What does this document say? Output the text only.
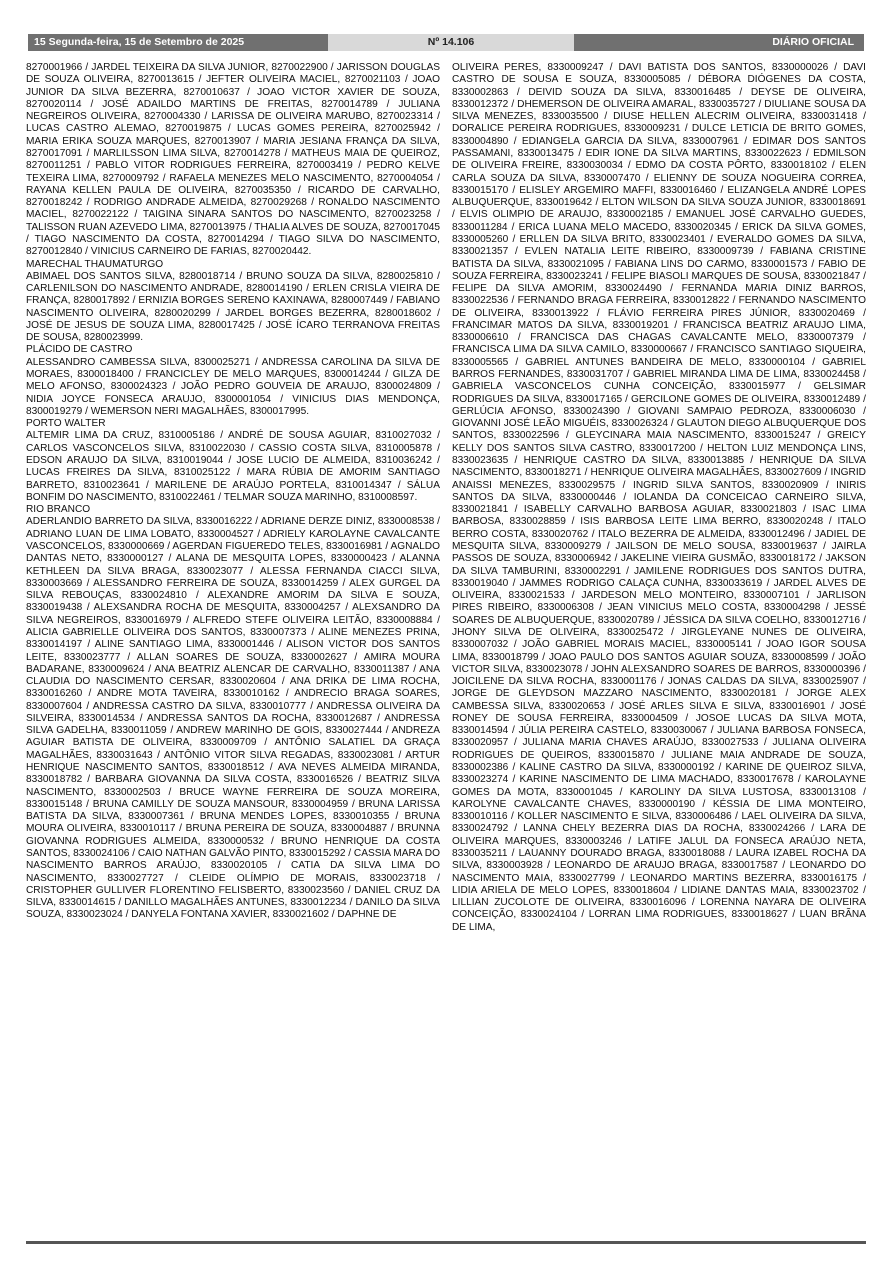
15 Segunda-feira, 15 de Setembro de 2025	Nº 14.106	DIÁRIO OFICIAL

8270001966 / JARDEL TEIXEIRA DA SILVA JÚNIOR, 8270022900 / JARISSON DOUGLAS DE SOUZA OLIVEIRA, 8270013615 / JEFTER OLIVEIRA MACIEL, 8270021103 / JOAO JUNIOR DA SILVA BEZERRA, 8270010637 / JOAO VICTOR XAVIER DE SOUZA, 8270020114 / JOSÉ ADAILDO MARTINS DE FREITAS, 8270014789 / JULIANA NEGREIROS OLIVEIRA, 8270004330 / LARISSA DE OLIVEIRA MARUBO, 8270023314 / LUCAS CASTRO ALEMAO, 8270019875 / LUCAS GOMES PEREIRA, 8270025942 / MARIA ERIKA SOUZA MARQUES, 8270013907 / MARIA JESIANA FRANÇA DA SILVA, 8270017091 / MARLILSSON LIMA SILVA, 8270014278 / MATHEUS MAIA DE QUEIROZ, 8270011251 / PABLO VITOR RODRIGUES FERREIRA, 8270003419 / PEDRO KELVE TEXEIRA LIMA, 8270009792 / RAFAELA MENEZES MELO NASCIMENTO, 8270004054 / RAYANA KELLEN PAULA DE OLIVEIRA, 8270035350 / RICARDO DE CARVALHO, 8270018242 / RODRIGO ANDRADE ALMEIDA, 8270029268 / RONALDO NASCIMENTO MACIEL, 8270022122 / TAIGINA SINARA SANTOS DO NASCIMENTO, 8270023258 / TALISSON RUAN AZEVEDO LIMA, 8270013975 / THALIA ALVES DE SOUZA, 8270017045 / TIAGO NASCIMENTO DA COSTA, 8270014294 / TIAGO SILVA DO NASCIMENTO, 8270012840 / VINICIUS CARNEIRO DE FARIAS, 8270020442.

MARECHAL THAUMATURGO

ABIMAEL DOS SANTOS SILVA, 8280018714 / BRUNO SOUZA DA SILVA, 8280025810 / CARLENILSON DO NASCIMENTO ANDRADE, 8280014190 / ERLEN CRISLA VIEIRA DE FRANÇA, 8280017892 / ERNIZIA BORGES SERENO KAXINAWA, 8280007449 / FABIANO NASCIMENTO OLIVEIRA, 8280020299 / JARDEL BORGES BEZERRA, 8280018602 / JOSÉ DE JESUS DE SOUZA LIMA, 8280017425 / JOSÉ ÍCARO TERRANOVA FREITAS DE SOUSA, 8280023999.

PLÁCIDO DE CASTRO

ALESSANDRO CAMBESSA SILVA, 8300025271 / ANDRESSA CAROLINA DA SILVA DE MORAES, 8300018400 / FRANCICLEY DE MELO MARQUES, 8300014244 / GILZA DE MELO AFONSO, 8300024323 / JOÃO PEDRO GOUVEIA DE ARAUJO, 8300024809 / NIDIA JOYCE FONSECA ARAUJO, 8300001054 / VINICIUS DIAS MENDONÇA, 8300019279 / WEMERSON NERI MAGALHÃES, 8300017995.

PORTO WALTER

ALTEMIR LIMA DA CRUZ, 8310005186 / ANDRÉ DE SOUSA AGUIAR, 8310027032 / CARLOS VASCONCELOS SILVA, 8310022030 / CASSIO COSTA SILVA, 8310005878 / EDSON ARAUJO DA SILVA, 8310019044 / JOSE LUCIO DE ALMEIDA, 8310036242 / LUCAS FREIRES DA SILVA, 8310025122 / MARA RÚBIA DE AMORIM SANTIAGO BARRETO, 8310023641 / MARILENE DE ARAÚJO PORTELA, 8310014347 / SÁLUA BONFIM DO NASCIMENTO, 8310022461 / TELMAR SOUZA MARINHO, 8310008597.

RIO BRANCO

ADERLANDIO BARRETO DA SILVA, 8330016222 / ADRIANE DERZE DINIZ, 8330008538 / ADRIANO LUAN DE LIMA LOBATO, 8330004527 / ADRIELY KAROLAYNE CAVALCANTE VASCONCELOS, 8330000669 / AGERDAN FIGUEREDO TELES, 8330016981 / AGNALDO DANTAS NETO, 8330000127 / ALANA DE MESQUITA LOPES, 8330000423 / ALANNA KETHLEEN DA SILVA BRAGA, 8330023077 / ALESSA FERNANDA CIACCI SILVA, 8330003669 / ALESSANDRO FERREIRA DE SOUZA, 8330014259 / ALEX GURGEL DA SILVA REBOUÇAS, 8330024810 / ALEXANDRE AMORIM DA SILVA E SOUZA, 8330019438 / ALEXSANDRA ROCHA DE MESQUITA, 8330004257 / ALEXSANDRO DA SILVA NEGREIROS, 8330016979 / ALFREDO STEFE OLIVEIRA LEITÃO, 8330008884 / ALICIA GABRIELLE OLIVEIRA DOS SANTOS, 8330007373 / ALINE MENEZES PRINA, 8330014197 / ALINE SANTIAGO LIMA, 8330001446 / ALISON VICTOR DOS SANTOS LEITE, 8330023777 / ALLAN SOARES DE SOUZA, 8330002627 / AMIRA MOURA BADARANE, 8330009624 / ANA BEATRIZ ALENCAR DE CARVALHO, 8330011387 / ANA CLAUDIA DO NASCIMENTO CERSAR, 8330020604 / ANA DRIKA DE LIMA ROCHA, 8330016260 / ANDRE MOTA TAVEIRA, 8330010162 / ANDRECIO BRAGA SOARES, 8330007604 / ANDRESSA CASTRO DA SILVA, 8330010777 / ANDRESSA OLIVEIRA DA SILVEIRA, 8330014534 / ANDRESSA SANTOS DA ROCHA, 8330012687 / ANDRESSA SILVA GADELHA, 8330011059 / ANDREW MARINHO DE GOIS, 8330027444 / ANDREZA AGUIAR BATISTA DE OLIVEIRA, 8330009709 / ANTÔNIO SALATIEL DA GRAÇA MAGALHÃES, 8330031643 / ANTÔNIO VITOR SILVA REGADAS, 8330023081 / ARTUR HENRIQUE NASCIMENTO SANTOS, 8330018512 / AVA NEVES ALMEIDA MIRANDA, 8330018782 / BARBARA GIOVANNA DA SILVA COSTA, 8330016526 / BEATRIZ SILVA NASCIMENTO, 8330002503 / BRUCE WAYNE FERREIRA DE SOUZA MOREIRA, 8330015148 / BRUNA CAMILLY DE SOUZA MANSOUR, 8330004959 / BRUNA LARISSA BATISTA DA SILVA, 8330007361 / BRUNA MENDES LOPES, 8330010355 / BRUNA MOURA OLIVEIRA, 8330010117 / BRUNA PEREIRA DE SOUZA, 8330004887 / BRUNNA GIOVANNA RODRIGUES ALMEIDA, 8330000532 / BRUNO HENRIQUE DA COSTA SANTOS, 8330024106 / CAIO NATHAN GALVÃO PINTO, 8330015292 / CASSIA MARA DO NASCIMENTO BARROS ARAÚJO, 8330020105 / CATIA DA SILVA LIMA DO NASCIMENTO, 8330027727 / CLEIDE OLÍMPIO DE MORAIS, 8330023718 / CRISTOPHER GULLIVER FLORENTINO FELISBERTO, 8330023560 / DANIEL CRUZ DA SILVA, 8330014615 / DANILLO MAGALHÃES ANTUNES, 8330012234 / DANILO DA SILVA SOUZA, 8330023024 / DANYELA FONTANA XAVIER, 8330021602 / DAPHNE DE

OLIVEIRA PERES, 8330009247 / DAVI BATISTA DOS SANTOS, 8330000026 / DAVI CASTRO DE SOUSA E SOUZA, 8330005085 / DÉBORA DIÓGENES DA COSTA, 8330002863 / DEIVID SOUZA DA SILVA, 8330016485 / DEYSE DE OLIVEIRA, 8330012372 / DHEMERSON DE OLIVEIRA AMARAL, 8330035727 / DIULIANE SOUSA DA SILVA MENEZES, 8330035500 / DIUSE HELLEN ALECRIM OLIVEIRA, 8330031418 / DORALICE PEREIRA RODRIGUES, 8330009231 / DULCE LETICIA DE BRITO GOMES, 8330004890 / EDIANGELA GARCIA DA SILVA, 8330007961 / EDIMAR DOS SANTOS PASSAMANI, 8330013475 / EDIR IONE DA SILVA MARTINS, 8330022623 / EDMILSON DE OLIVEIRA FREIRE, 8330030034 / EDMO DA COSTA PÔRTO, 8330018102 / ELEN CARLA SOUZA DA SILVA, 8330007470 / ELIENNY DE SOUZA NOGUEIRA CORREA, 8330015170 / ELISLEY ARGEMIRO MAFFI, 8330016460 / ELIZANGELA ANDRÉ LOPES ALBUQUERQUE, 8330019642 / ELTON WILSON DA SILVA SOUZA JUNIOR, 8330018691 / ELVIS OLIMPIO DE ARAUJO, 8330002185 / EMANUEL JOSÉ CARVALHO GUEDES, 8330011284 / ERICA LUANA MELO MACEDO, 8330020345 / ERICK DA SILVA GOMES, 8330005260 / ERLLEN DA SILVA BRITO, 8330023401 / EVERALDO GOMES DA SILVA, 8330021357 / EVLEN NATALIA LEITE RIBEIRO, 8330009739 / FABIANA CRISTINE BATISTA DA SILVA, 8330021095 / FABIANA LINS DO CARMO, 8330001573 / FABIO DE SOUZA FERREIRA, 8330023241 / FELIPE BIASOLI MARQUES DE SOUSA, 8330021847 / FELIPE DA SILVA AMORIM, 8330024490 / FERNANDA MARIA DINIZ BARROS, 8330022536 / FERNANDO BRAGA FERREIRA, 8330012822 / FERNANDO NASCIMENTO DE OLIVEIRA, 8330013922 / FLÁVIO FERREIRA PIRES JÚNIOR, 8330020469 / FRANCIMAR MATOS DA SILVA, 8330019201 / FRANCISCA BEATRIZ ARAUJO LIMA, 8330006610 / FRANCISCA DAS CHAGAS CAVALCANTE MELO, 8330007379 / FRANCISCA LIMA DA SILVA CAMILO, 8330000667 / FRANCISCO SANTIAGO SIQUEIRA, 8330005565 / GABRIEL ANTUNES BANDEIRA DE MELO, 8330000104 / GABRIEL BARROS FERNANDES, 8330031707 / GABRIEL MIRANDA LIMA DE LIMA, 8330024458 / GABRIELA VASCONCELOS CUNHA CONCEIÇÃO, 8330015977 / GELSIMAR RODRIGUES DA SILVA, 8330017165 / GERCILONE GOMES DE OLIVEIRA, 8330012489 / GERLÚCIA AFONSO, 8330024390 / GIOVANI SAMPAIO PEDROZA, 8330006030 / GIOVANNI JOSÉ LEÃO MIGUÉIS, 8330026324 / GLAUTON DIEGO ALBUQUERQUE DOS SANTOS, 8330022596 / GLEYCINARA MAIA NASCIMENTO, 8330015247 / GREICY KELLY DOS SANTOS SILVA CASTRO, 8330017200 / HELTON LUIZ MENDONÇA LINS, 8330023635 / HENRIQUE CASTRO DA SILVA, 8330013885 / HENRIQUE DA SILVA NASCIMENTO, 8330018271 / HENRIQUE OLIVEIRA MAGALHÃES, 8330027609 / INGRID ANAISSI MENEZES, 8330029575 / INGRID SILVA SANTOS, 8330020909 / INIRIS SANTOS DA SILVA, 8330000446 / IOLANDA DA CONCEICAO CARNEIRO SILVA, 8330021841 / ISABELLY CARVALHO BARBOSA AGUIAR, 8330021803 / ISAC LIMA BARBOSA, 8330028859 / ISIS BARBOSA LEITE LIMA BERRO, 8330020248 / ITALO BERRO COSTA, 8330020762 / ITALO BEZERRA DE ALMEIDA, 8330012496 / JADIEL DE MESQUITA SILVA, 8330009279 / JAILSON DE MELO SOUSA, 8330019637 / JAIRLA PASSOS DE SOUZA, 8330006942 / JAKELINE VIEIRA GUSMÃO, 8330018172 / JAKSON DA SILVA TAMBURINI, 8330002291 / JAMILENE RODRIGUES DOS SANTOS DUTRA, 8330019040 / JAMMES RODRIGO CALAÇA CUNHA, 8330033619 / JARDEL ALVES DE OLIVEIRA, 8330021533 / JARDESON MELO MONTEIRO, 8330007101 / JARLISON PIRES RIBEIRO, 8330006308 / JEAN VINICIUS MELO COSTA, 8330004298 / JESSÉ SOARES DE ALBUQUERQUE, 8330020789 / JÉSSICA DA SILVA COELHO, 8330012716 / JHONY SILVA DE OLIVEIRA, 8330025472 / JIRGLEYANE NUNES DE OLIVEIRA, 8330007032 / JOÃO GABRIEL MORAIS MACIEL, 8330005141 / JOAO IGOR SOUSA LIMA, 8330018799 / JOAO PAULO DOS SANTOS AGUIAR SOUZA, 8330008599 / JOÃO VICTOR SILVA, 8330023078 / JOHN ALEXSANDRO SOARES DE BARROS, 8330000396 / JOICILENE DA SILVA ROCHA, 8330001176 / JONAS CALDAS DA SILVA, 8330025907 / JORGE DE GLEYDSON MAZZARO NASCIMENTO, 8330020181 / JORGE ALEX CAMBESSA SILVA, 8330020653 / JOSÉ ARLES SILVA E SILVA, 8330016901 / JOSÉ RONEY DE SOUSA FERREIRA, 8330004509 / JOSOE LUCAS DA SILVA MOTA, 8330014594 / JÚLIA PEREIRA CASTELO, 8330030067 / JULIANA BARBOSA FONSECA, 8330020957 / JULIANA MARIA CHAVES ARAÚJO, 8330027533 / JULIANA OLIVEIRA RODRIGUES DE QUEIROS, 8330015870 / JULIANE MAIA ANDRADE DE SOUZA, 8330002386 / KALINE CASTRO DA SILVA, 8330000192 / KARINE DE QUEIROZ SILVA, 8330023274 / KARINE NASCIMENTO DE LIMA MACHADO, 8330017678 / KAROLAYNE GOMES DA MOTA, 8330001045 / KAROLINY DA SILVA LUSTOSA, 8330013108 / KAROLYNE CAVALCANTE CHAVES, 8330000190 / KÉSSIA DE LIMA MONTEIRO, 8330010116 / KOLLER NASCIMENTO E SILVA, 8330006486 / LAEL OLIVEIRA DA SILVA, 8330024792 / LANNA CHELY BEZERRA DIAS DA ROCHA, 8330024266 / LARA DE OLIVEIRA MARQUES, 8330003246 / LATIFE JALUL DA FONSECA ARAÚJO NETA, 8330035211 / LAUANNY DOURADO BRAGA, 8330018088 / LAURA IZABEL ROCHA DA SILVA, 8330003928 / LEONARDO DE ARAUJO BRAGA, 8330017587 / LEONARDO DO NASCIMENTO MAIA, 8330027799 / LEONARDO MARTINS BEZERRA, 8330016175 / LIDIA ARIELA DE MELO LOPES, 8330018604 / LIDIANE DANTAS MAIA, 8330023702 / LILLIAN ZUCOLOTE DE OLIVEIRA, 8330016096 / LORENNA NAYARA DE OLIVEIRA CONCEIÇÃO, 8330024104 / LORRAN LIMA RODRIGUES, 8330018627 / LUAN BRÃNA DE LIMA,
